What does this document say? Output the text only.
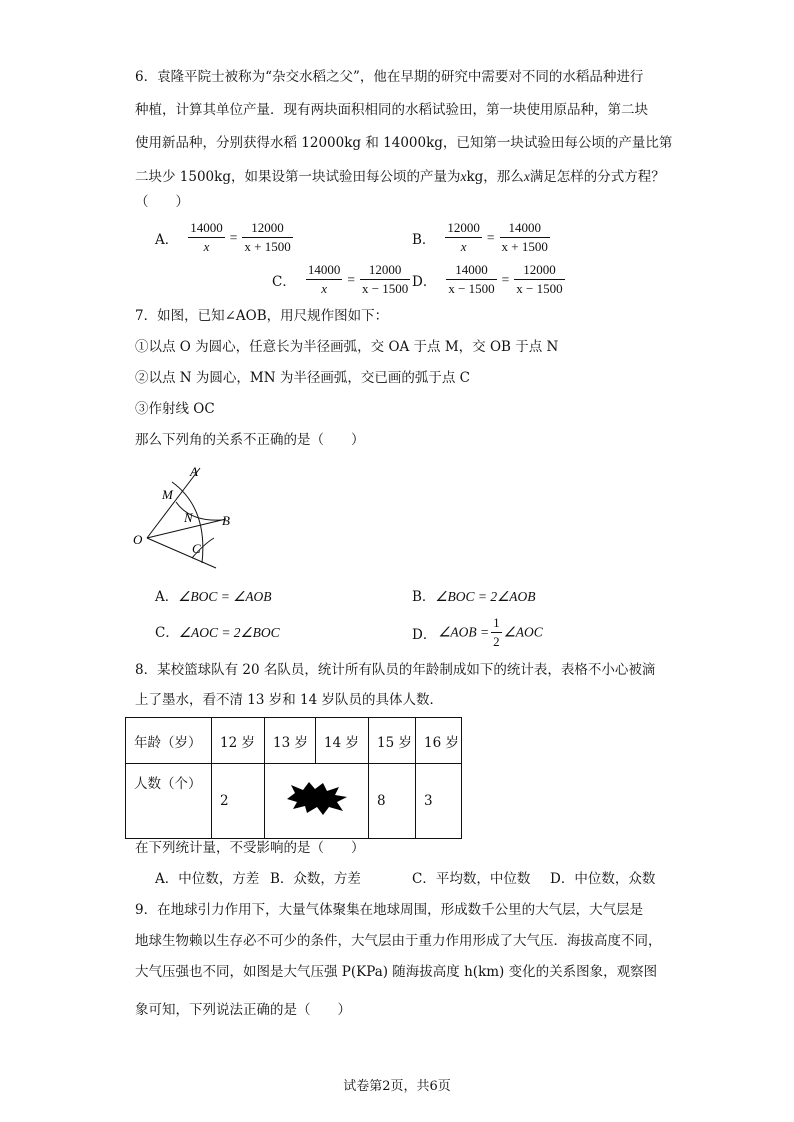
6．袁隆平院士被称为“杂交水稻之父”，他在早期的研究中需要对不同的水稻品种进行
种植，计算其单位产量．现有两块面积相同的水稻试验田，第一块使用原品种，第二块
使用新品种，分别获得水稻 12000kg 和 14000kg，已知第一块试验田每公顷的产量比第
二块少 1500kg，如果设第一块试验田每公顷的产量为xkg，那么x满足怎样的分式方程？
（　　）
A． $\frac{14000}{x} = \frac{12000}{x + 1500}$	B． $\frac{12000}{x} = \frac{14000}{x + 1500}$
C． $\frac{14000}{x} = \frac{12000}{x - 1500}$ D． $\frac{14000}{x - 1500} = \frac{12000}{x - 1500}$
7．如图，已知∠AOB，用尺规作图如下：
①以点 O 为圆心，任意长为半径画弧，交 OA 于点 M，交 OB 于点 N
②以点 N 为圆心，MN 为半径画弧，交已画的弧于点 C
③作射线 OC
那么下列角的关系不正确的是（　　）
A
M
N B
O
C
A．∠BOC = ∠AOB	B．∠BOC = 2∠AOB
C．∠AOC = 2∠BOC	D． ∠AOB = $\frac{1}{2}$ ∠AOC
8．某校篮球队有 20 名队员，统计所有队员的年龄制成如下的统计表，表格不小心被滴
上了墨水，看不清 13 岁和 14 岁队员的具体人数．
年龄（岁）	12 岁	13 岁	14 岁	15 岁	16 岁
人数（个）	2			8	3
在下列统计量，不受影响的是（　　）
A．中位数，方差 B．众数，方差	C．平均数，中位数 D．中位数，众数
9．在地球引力作用下，大量气体聚集在地球周围，形成数千公里的大气层，大气层是
地球生物赖以生存必不可少的条件，大气层由于重力作用形成了大气压．海拔高度不同，
大气压强也不同，如图是大气压强 P(KPa) 随海拔高度 h(km) 变化的关系图象，观察图
象可知，下列说法正确的是（　　）
试卷第2页，共6页
